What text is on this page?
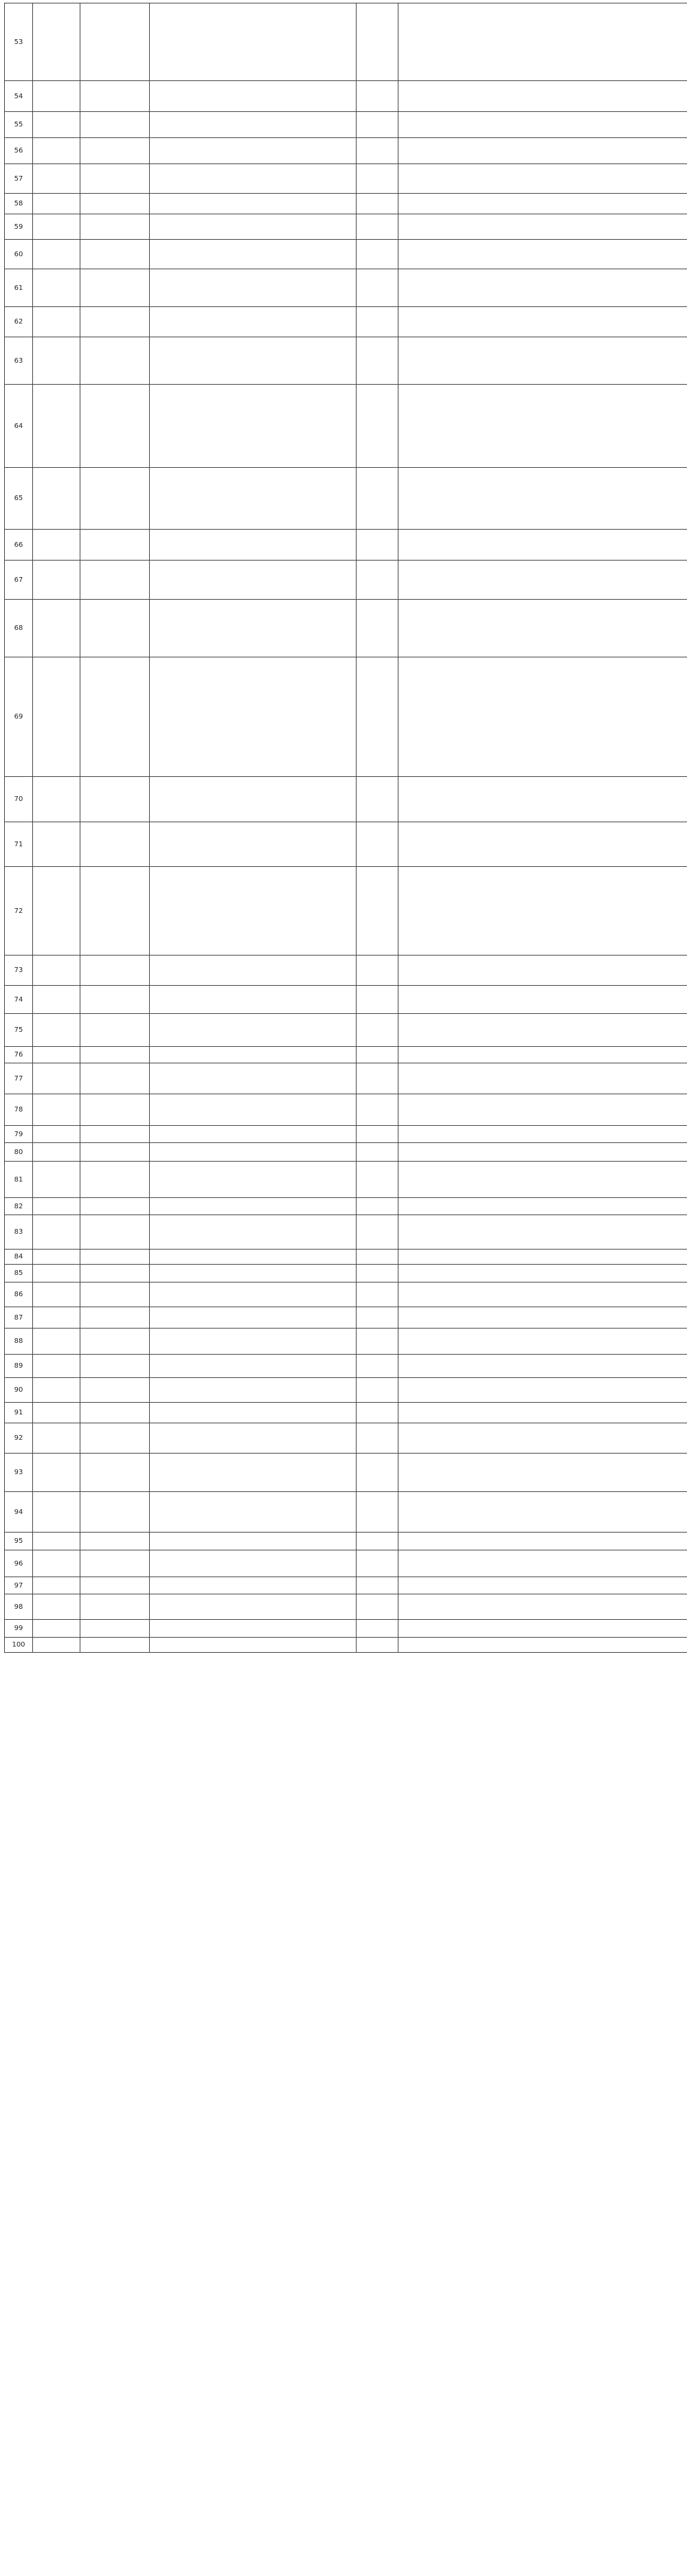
53					
54					
55					
56					
57					
58					
59					
60					
61					
62					
63					
64					
65					
66					
67					
68					
69					
70					
71					
72					
73					
74					
75					
76					
77					
78					
79					
80					
81					
82					
83					
84					
85					
86					
87					
88					
89					
90					
91					
92					
93					
94					
95					
96					
97					
98					
99					
100					
